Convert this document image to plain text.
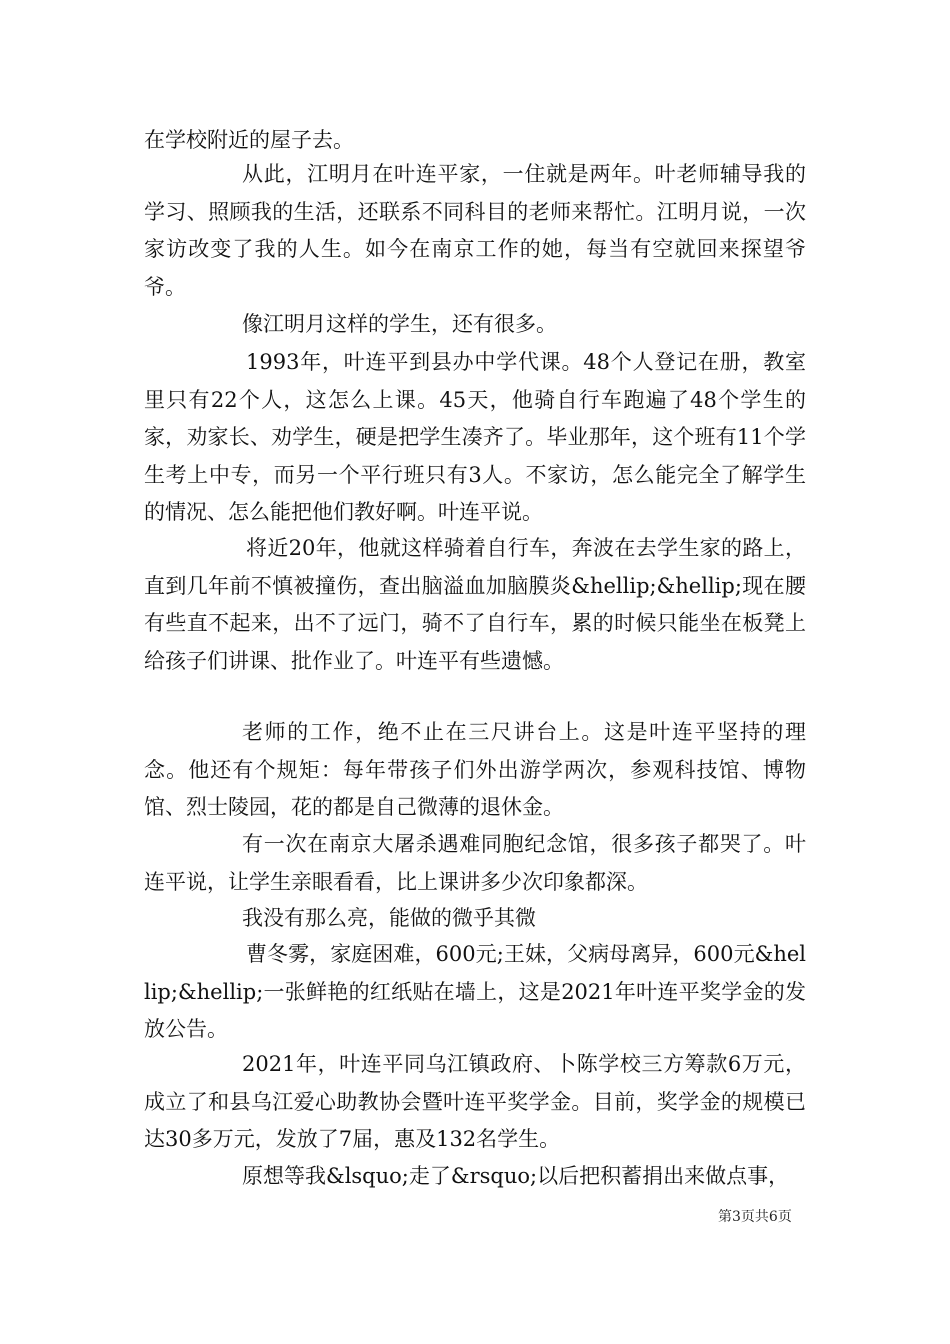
在学校附近的屋子去。

从此，江明月在叶连平家，一住就是两年。叶老师辅导我的学习、照顾我的生活，还联系不同科目的老师来帮忙。江明月说，一次家访改变了我的人生。如今在南京工作的她，每当有空就回来探望爷爷。

像江明月这样的学生，还有很多。

1993年，叶连平到县办中学代课。48个人登记在册，教室里只有22个人，这怎么上课。45天，他骑自行车跑遍了48个学生的家，劝家长、劝学生，硬是把学生凑齐了。毕业那年，这个班有11个学生考上中专，而另一个平行班只有3人。不家访，怎么能完全了解学生的情况、怎么能把他们教好啊。叶连平说。

将近20年，他就这样骑着自行车，奔波在去学生家的路上，直到几年前不慎被撞伤，查出脑溢血加脑膜炎&hellip;&hellip;现在腰有些直不起来，出不了远门，骑不了自行车，累的时候只能坐在板凳上给孩子们讲课、批作业了。叶连平有些遗憾。

老师的工作，绝不止在三尺讲台上。这是叶连平坚持的理念。他还有个规矩：每年带孩子们外出游学两次，参观科技馆、博物馆、烈士陵园，花的都是自己微薄的退休金。

有一次在南京大屠杀遇难同胞纪念馆，很多孩子都哭了。叶连平说，让学生亲眼看看，比上课讲多少次印象都深。

我没有那么亮，能做的微乎其微

曹冬雾，家庭困难，600元;王妹，父病母离异，600元&hellip;&hellip;一张鲜艳的红纸贴在墙上，这是2021年叶连平奖学金的发放公告。

2021年，叶连平同乌江镇政府、卜陈学校三方筹款6万元，成立了和县乌江爱心助教协会暨叶连平奖学金。目前，奖学金的规模已达30多万元，发放了7届，惠及132名学生。

原想等我&lsquo;走了&rsquo;以后把积蓄捐出来做点事，

第3页共6页
